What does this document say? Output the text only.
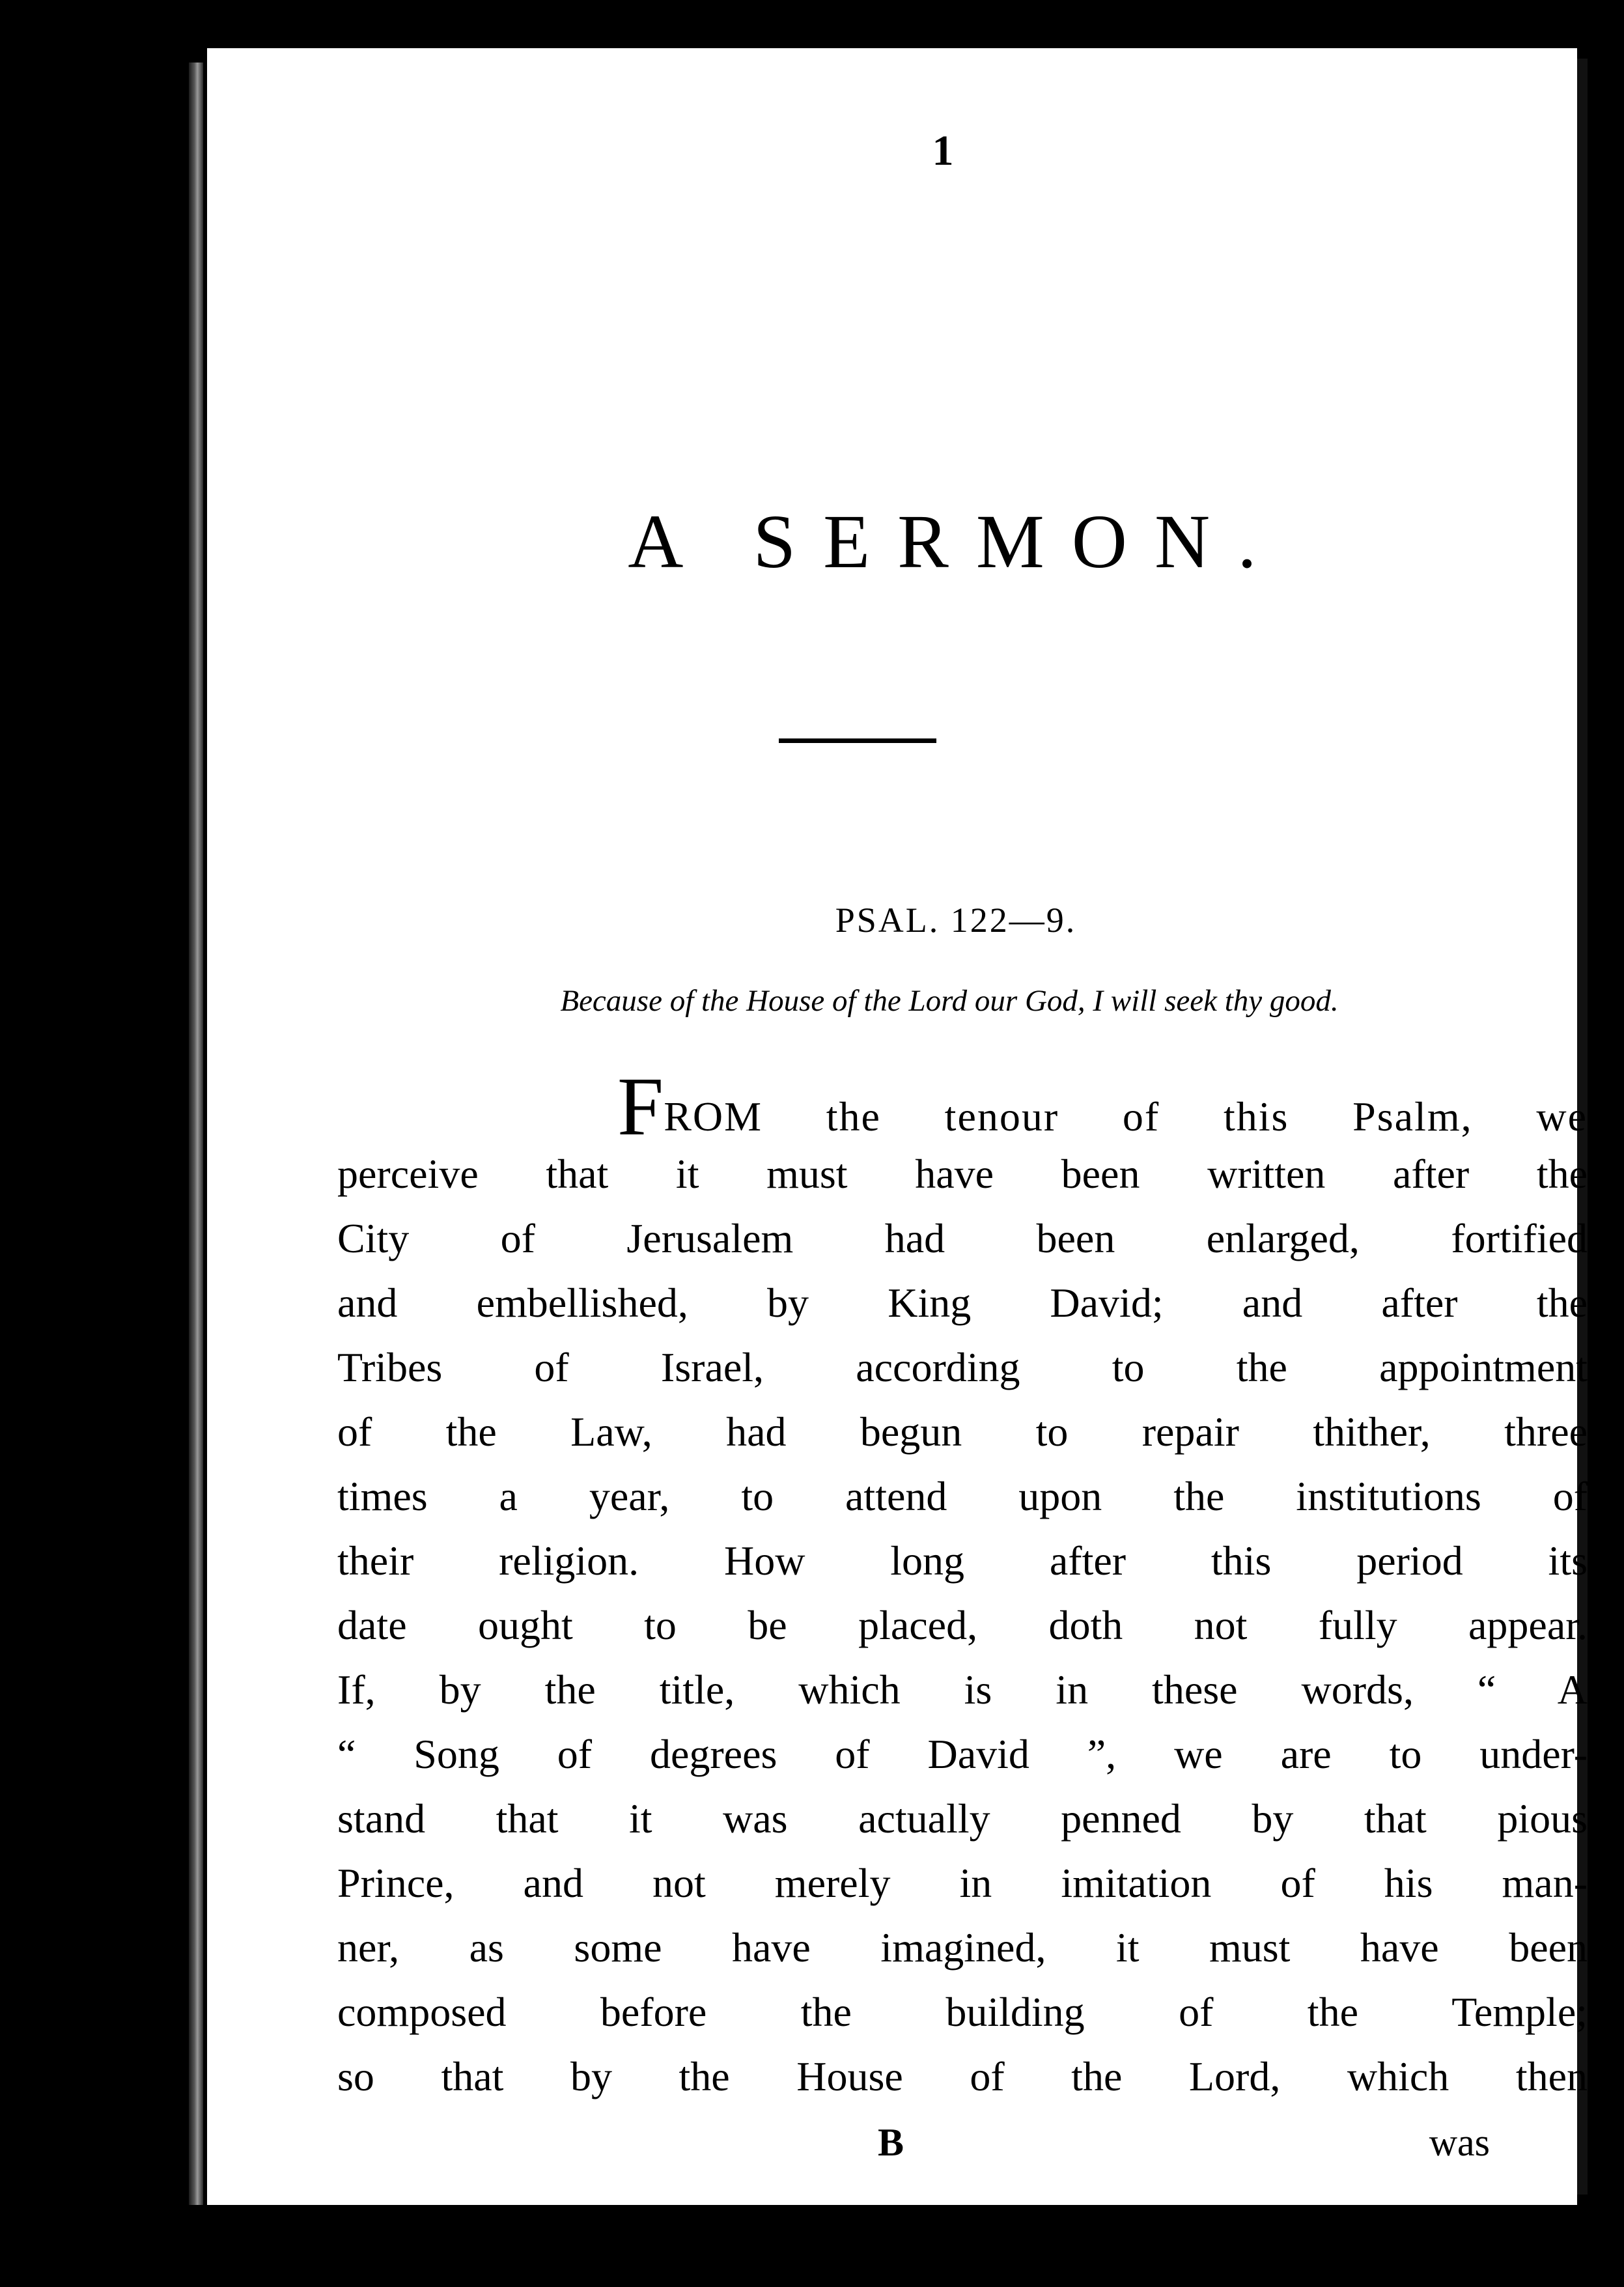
1
A SERMON.
PSAL. 122—9.
Because of the House of the Lord our God, I will seek thy good.
FROM the tenour of this Psalm, we
perceive that it must have been written after the
City of Jerusalem had been enlarged, fortified
and embellished, by King David; and after the
Tribes of Israel, according to the appointment
of the Law, had begun to repair thither, three
times a year, to attend upon the institutions of
their religion. How long after this period its
date ought to be placed, doth not fully appear.
If, by the title, which is in these words, “ A
“ Song of degrees of David ”, we are to under-
stand that it was actually penned by that pious
Prince, and not merely in imitation of his man-
ner, as some have imagined, it must have been
composed before the building of the Temple;
so that by the House of the Lord, which then
B	was
